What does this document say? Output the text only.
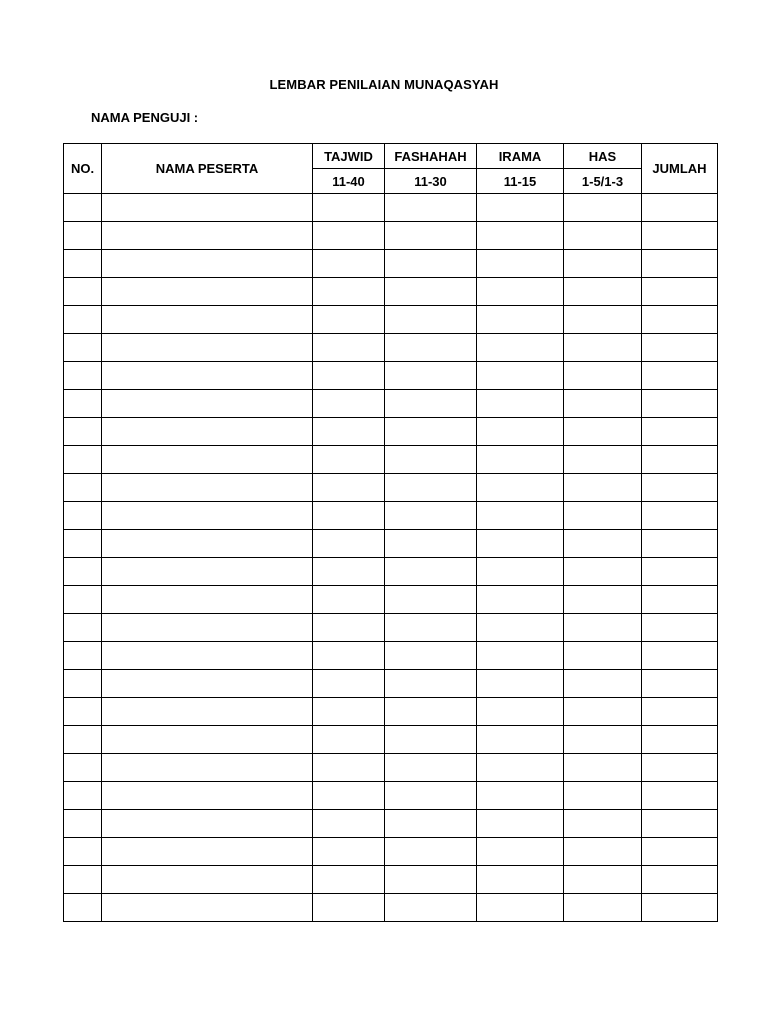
LEMBAR PENILAIAN MUNAQASYAH
NAMA PENGUJI :
NO.	NAMA PESERTA	TAJWID	FASHAHAH	IRAMA	HAS	JUMLAH
		11-40	11-30	11-15	1-5/1-3	
